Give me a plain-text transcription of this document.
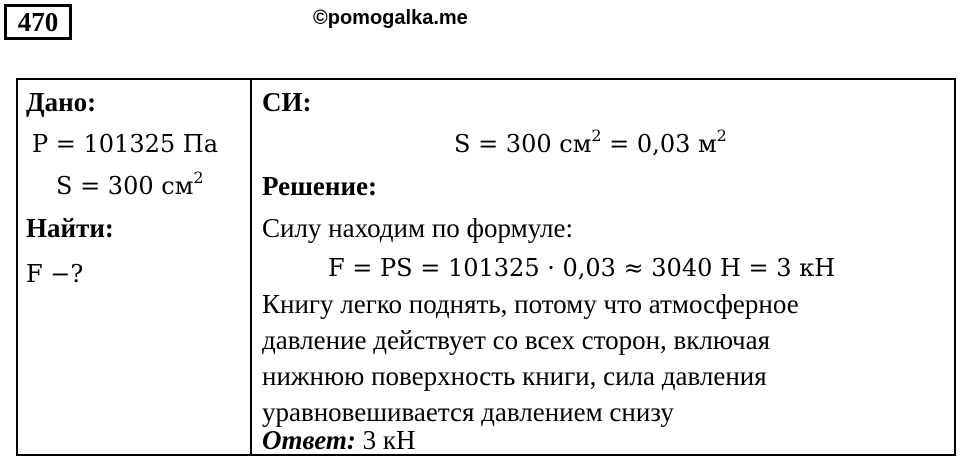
470	©pomogalka.me
Дано:
P = 101325 Па
S = 300 $см^2$
Найти:
F −?
СИ:
S = 300 $см^2 = 0,03$ $м^2$
Решение:
Силу находим по формуле:
F = PS = 101325 · 0,03 ≈ 3040 Н = 3 кН
Книгу легко поднять, потому что атмосферное
давление действует со всех сторон, включая
нижнюю поверхность книги, сила давления
уравновешивается давлением снизу
Ответ: 3 кН
